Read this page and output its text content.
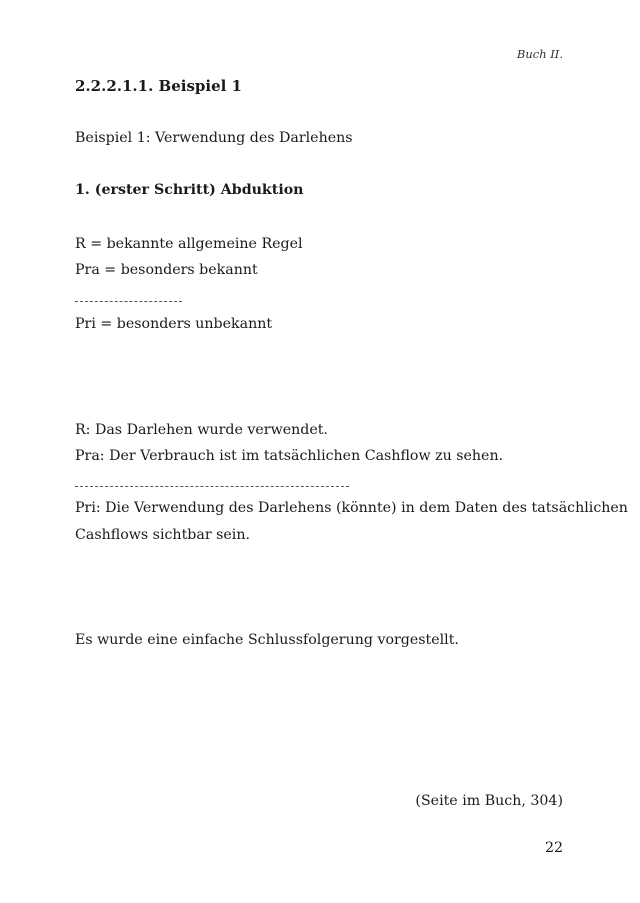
Buch II.
2.2.2.1.1. Beispiel 1
Beispiel 1: Verwendung des Darlehens
1. (erster Schritt) Abduktion
R = bekannte allgemeine Regel
Pra = besonders bekannt
Pri = besonders unbekannt
R: Das Darlehen wurde verwendet.
Pra: Der Verbrauch ist im tatsächlichen Cashflow zu sehen.
Pri: Die Verwendung des Darlehens (könnte) in dem Daten des tatsächlichen
Cashflows sichtbar sein.
Es wurde eine einfache Schlussfolgerung vorgestellt.
(Seite im Buch, 304)
22
